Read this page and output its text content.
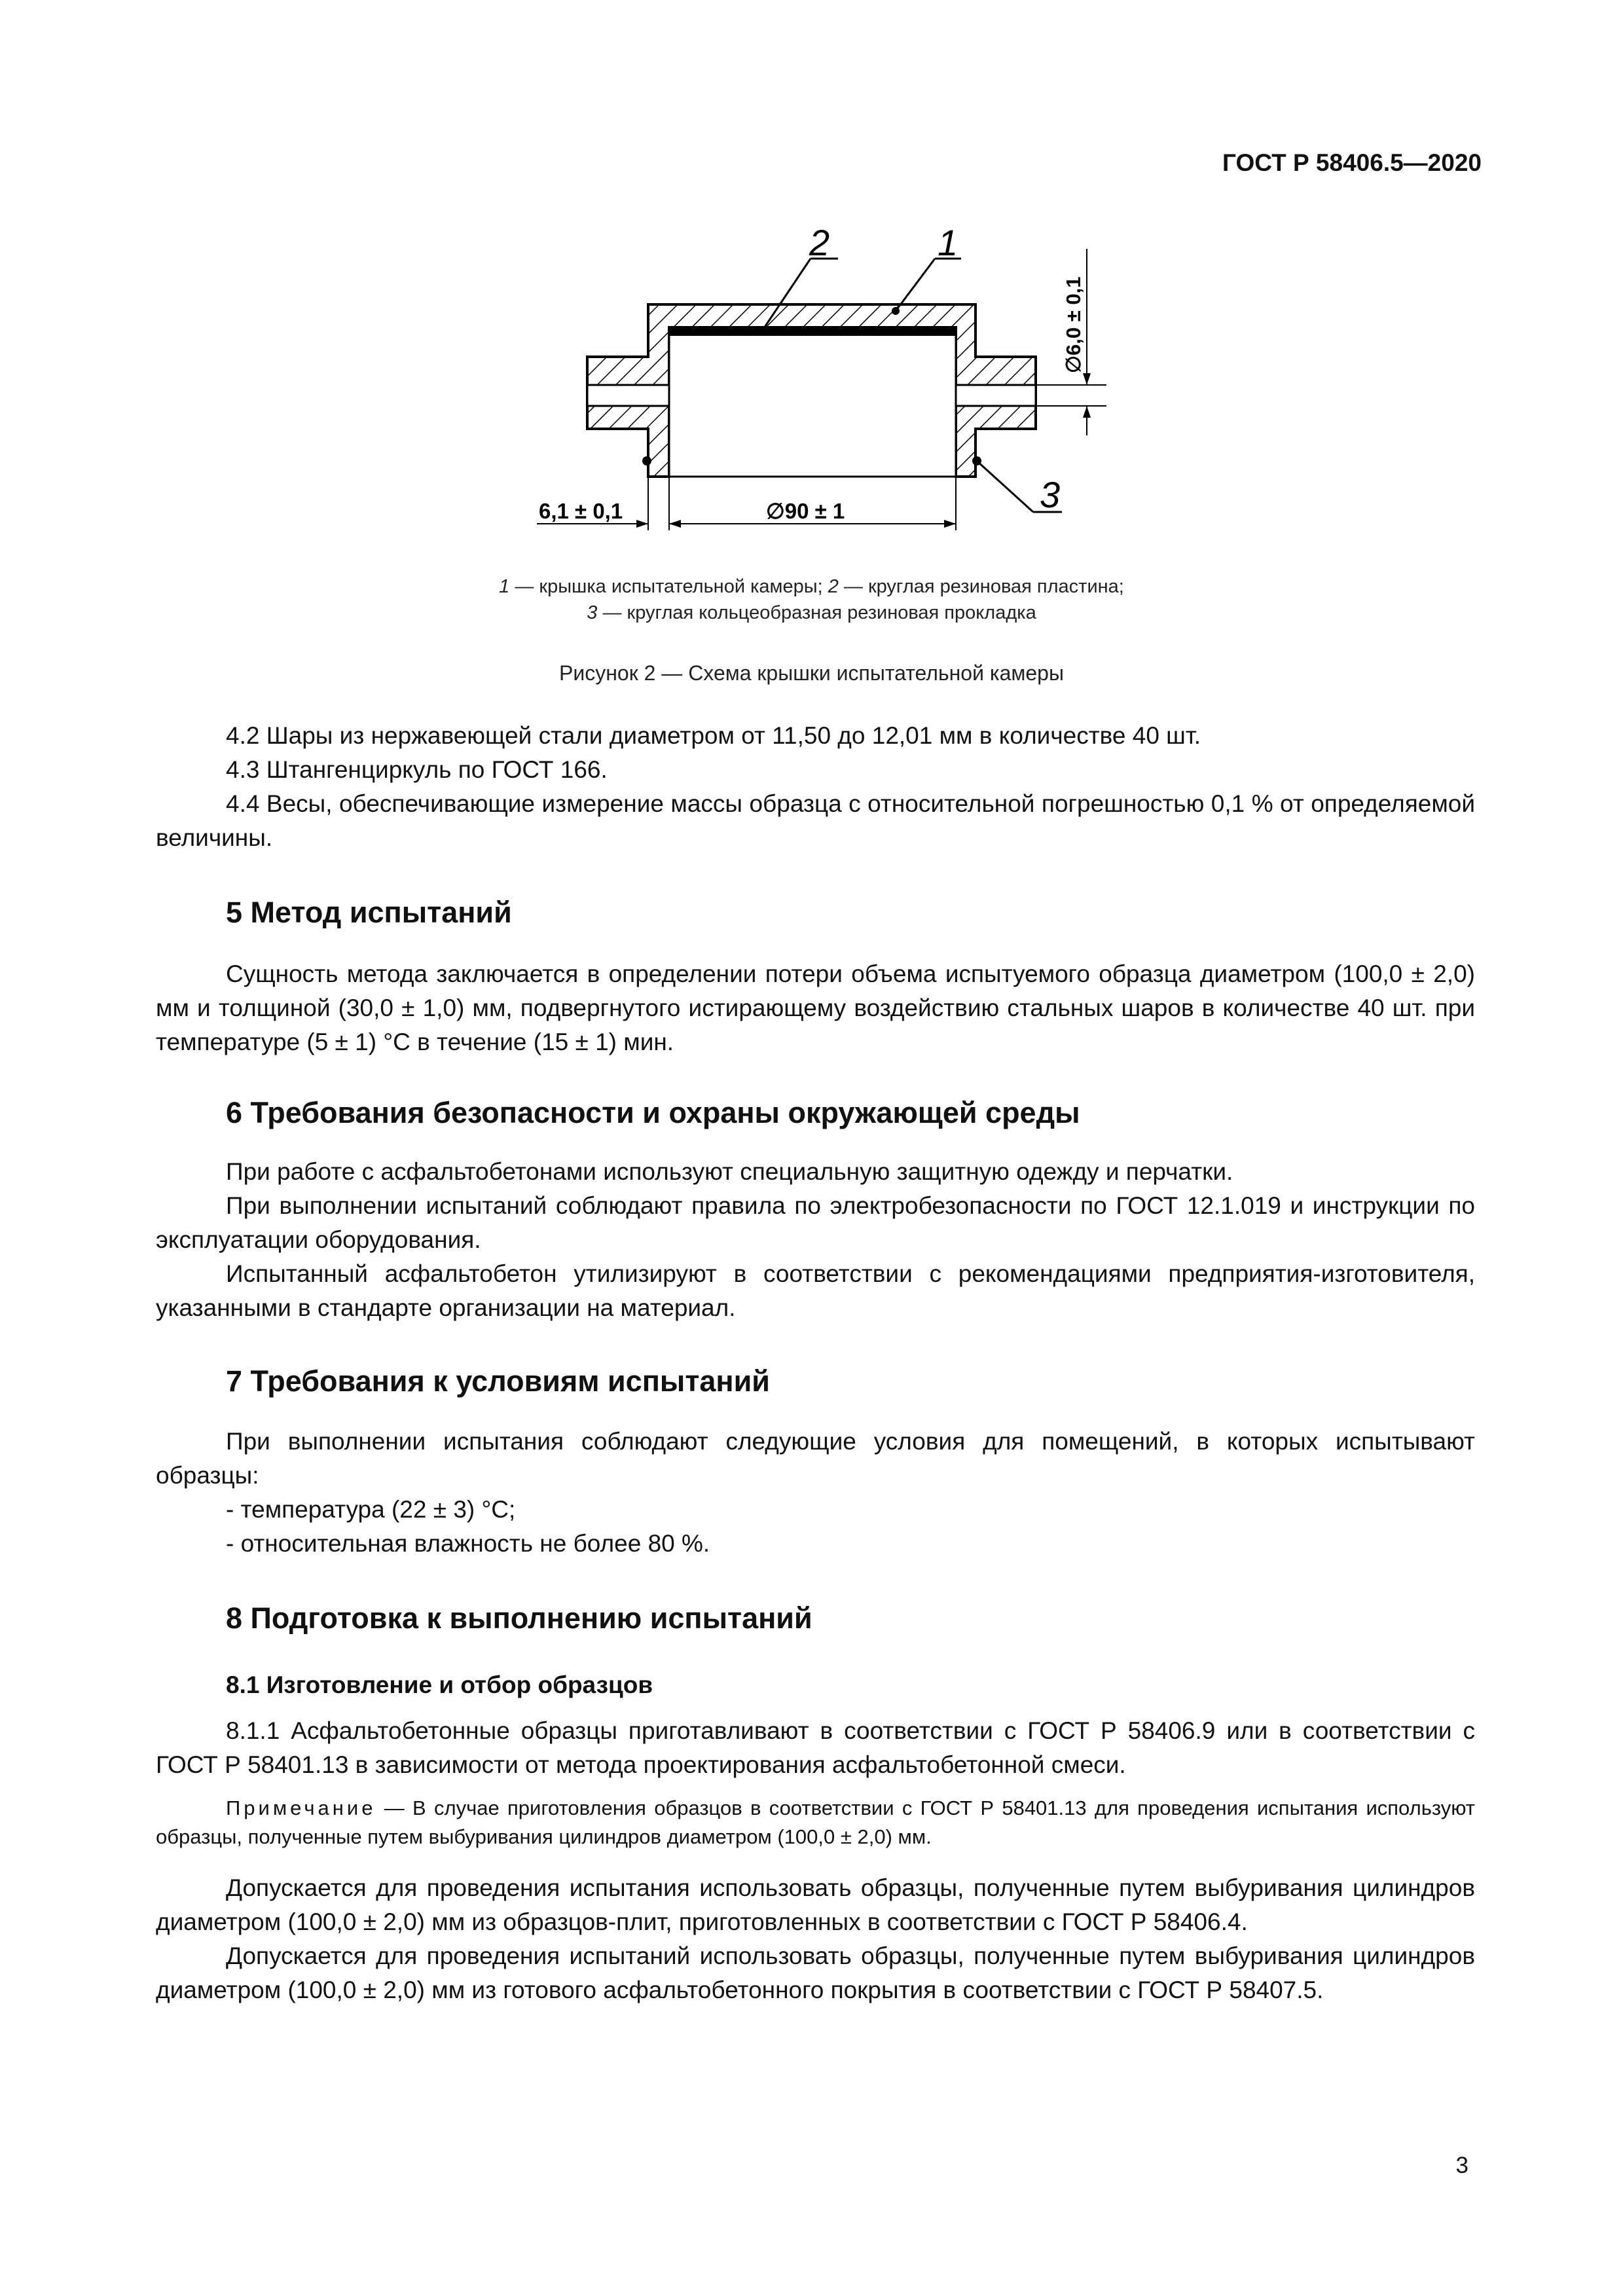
ГОСТ Р 58406.5—2020
2	1
3
6,1 ± 0,1	∅90 ± 1
∅6,0 ± 0,1
1 — крышка испытательной камеры; 2 — круглая резиновая пластина;
3 — круглая кольцеобразная резиновая прокладка
Рисунок 2 — Схема крышки испытательной камеры

4.2 Шары из нержавеющей стали диаметром от 11,50 до 12,01 мм в количестве 40 шт.

4.3 Штангенциркуль по ГОСТ 166.

4.4 Весы, обеспечивающие измерение массы образца с относительной погрешностью 0,1 % от определяемой величины.

5 Метод испытаний

Сущность метода заключается в определении потери объема испытуемого образца диаметром (100,0 ± 2,0) мм и толщиной (30,0 ± 1,0) мм, подвергнутого истирающему воздействию стальных шаров в количестве 40 шт. при температуре (5 ± 1) °С в течение (15 ± 1) мин.

6 Требования безопасности и охраны окружающей среды

При работе с асфальтобетонами используют специальную защитную одежду и перчатки.

При выполнении испытаний соблюдают правила по электробезопасности по ГОСТ 12.1.019 и инструкции по эксплуатации оборудования.

Испытанный асфальтобетон утилизируют в соответствии с рекомендациями предприятия-изготовителя, указанными в стандарте организации на материал.

7 Требования к условиям испытаний

При выполнении испытания соблюдают следующие условия для помещений, в которых испытывают образцы:

- температура (22 ± 3) °С;

- относительная влажность не более 80 %.

8 Подготовка к выполнению испытаний

8.1 Изготовление и отбор образцов

8.1.1 Асфальтобетонные образцы приготавливают в соответствии с ГОСТ Р 58406.9 или в соответствии с ГОСТ Р 58401.13 в зависимости от метода проектирования асфальтобетонной смеси.

Примечание — В случае приготовления образцов в соответствии с ГОСТ Р 58401.13 для проведения испытания используют образцы, полученные путем выбуривания цилиндров диаметром (100,0 ± 2,0) мм.

Допускается для проведения испытания использовать образцы, полученные путем выбуривания цилиндров диаметром (100,0 ± 2,0) мм из образцов-плит, приготовленных в соответствии с ГОСТ Р 58406.4.

Допускается для проведения испытаний использовать образцы, полученные путем выбуривания цилиндров диаметром (100,0 ± 2,0) мм из готового асфальтобетонного покрытия в соответствии с ГОСТ Р 58407.5.

3
